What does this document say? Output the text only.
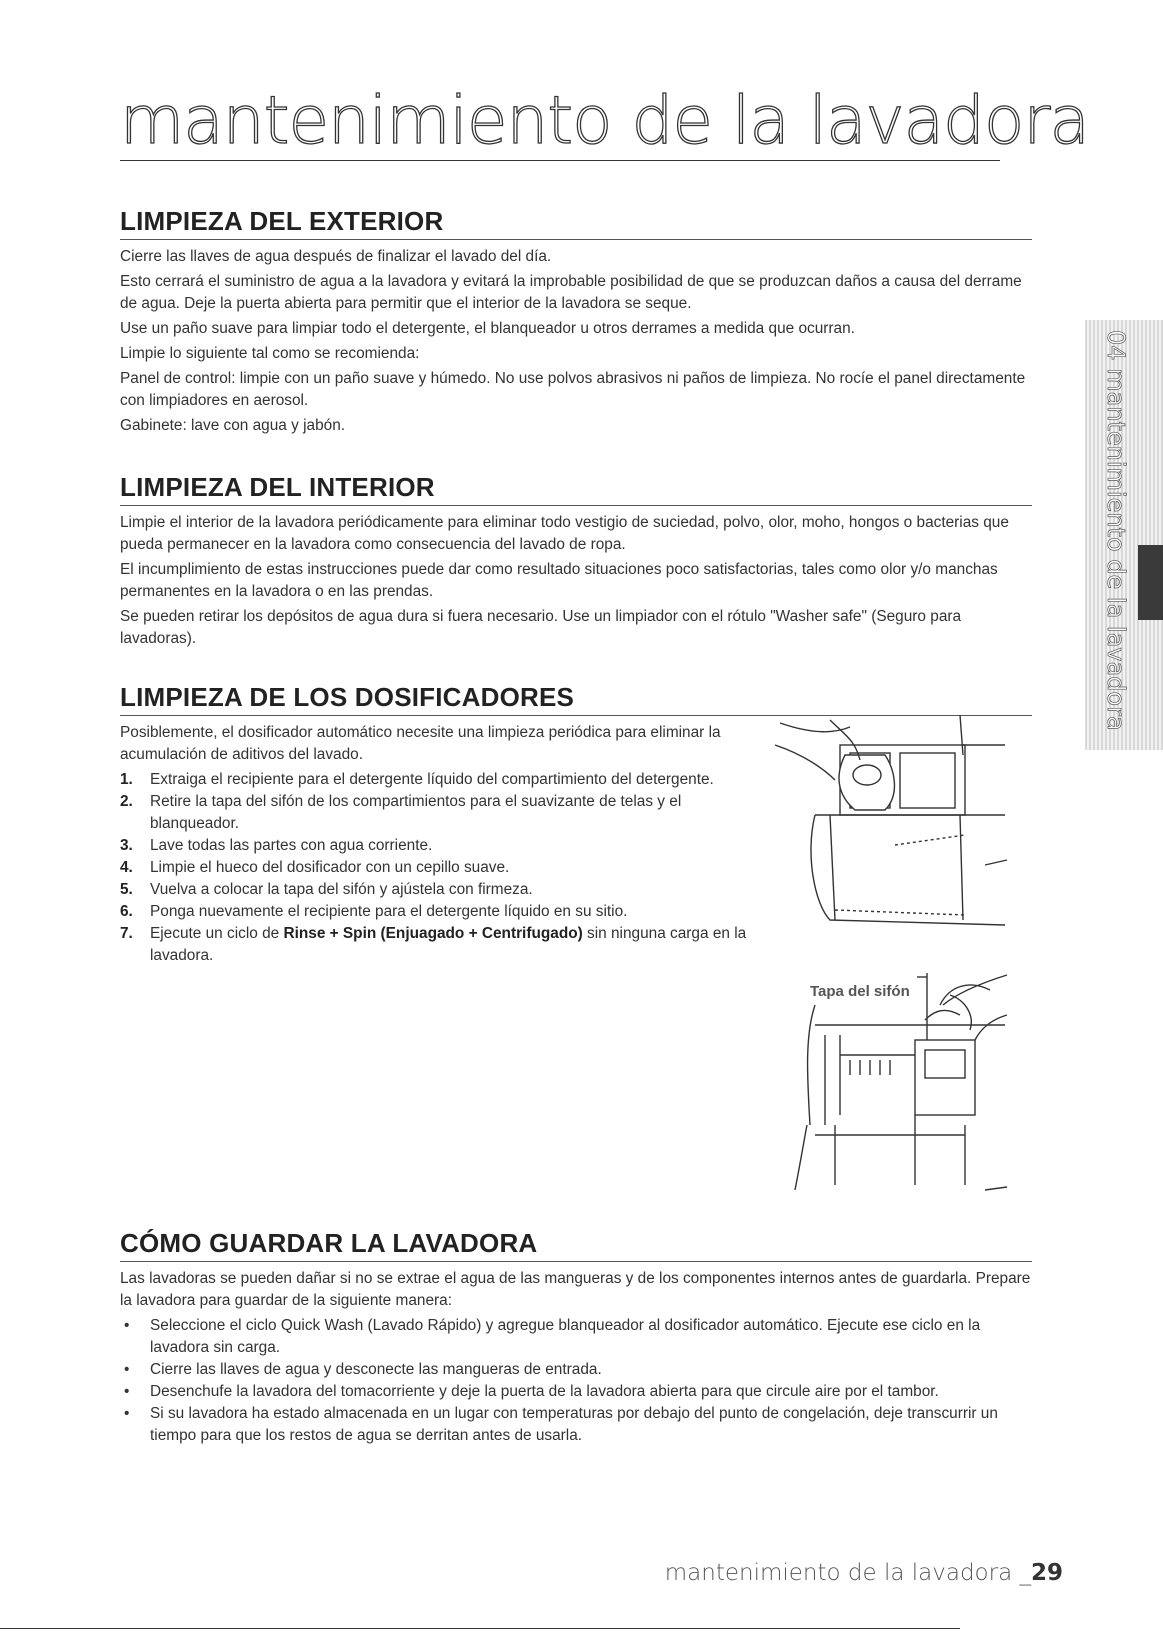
mantenimiento de la lavadora
LIMPIEZA DEL EXTERIOR

Cierre las llaves de agua después de finalizar el lavado del día.

Esto cerrará el suministro de agua a la lavadora y evitará la improbable posibilidad de que se produzcan daños a causa del derrame de agua. Deje la puerta abierta para permitir que el interior de la lavadora se seque.

Use un paño suave para limpiar todo el detergente, el blanqueador u otros derrames a medida que ocurran.

Limpie lo siguiente tal como se recomienda:

Panel de control: limpie con un paño suave y húmedo. No use polvos abrasivos ni paños de limpieza. No rocíe el panel directamente con limpiadores en aerosol.

Gabinete: lave con agua y jabón.

LIMPIEZA DEL INTERIOR

Limpie el interior de la lavadora periódicamente para eliminar todo vestigio de suciedad, polvo, olor, moho, hongos o bacterias que pueda permanecer en la lavadora como consecuencia del lavado de ropa.

El incumplimiento de estas instrucciones puede dar como resultado situaciones poco satisfactorias, tales como olor y/o manchas permanentes en la lavadora o en las prendas.

Se pueden retirar los depósitos de agua dura si fuera necesario. Use un limpiador con el rótulo "Washer safe" (Seguro para lavadoras).

LIMPIEZA DE LOS DOSIFICADORES

Posiblemente, el dosificador automático necesite una limpieza periódica para eliminar la acumulación de aditivos del lavado.

1. Extraiga el recipiente para el detergente líquido del compartimiento del detergente.
2. Retire la tapa del sifón de los compartimientos para el suavizante de telas y el blanqueador.
3. Lave todas las partes con agua corriente.
4. Limpie el hueco del dosificador con un cepillo suave.
5. Vuelva a colocar la tapa del sifón y ajústela con firmeza.
6. Ponga nuevamente el recipiente para el detergente líquido en su sitio.
7. Ejecute un ciclo de Rinse + Spin (Enjuagado + Centrifugado) sin ninguna carga en la lavadora.
Tapa del sifón
CÓMO GUARDAR LA LAVADORA

Las lavadoras se pueden dañar si no se extrae el agua de las mangueras y de los componentes internos antes de guardarla. Prepare la lavadora para guardar de la siguiente manera:

• Seleccione el ciclo Quick Wash (Lavado Rápido) y agregue blanqueador al dosificador automático. Ejecute ese ciclo en la lavadora sin carga.
• Cierre las llaves de agua y desconecte las mangueras de entrada.
• Desenchufe la lavadora del tomacorriente y deje la puerta de la lavadora abierta para que circule aire por el tambor.
• Si su lavadora ha estado almacenada en un lugar con temperaturas por debajo del punto de congelación, deje transcurrir un tiempo para que los restos de agua se derritan antes de usarla.
04 mantenimiento de la lavadora
mantenimiento de la lavadora _29
